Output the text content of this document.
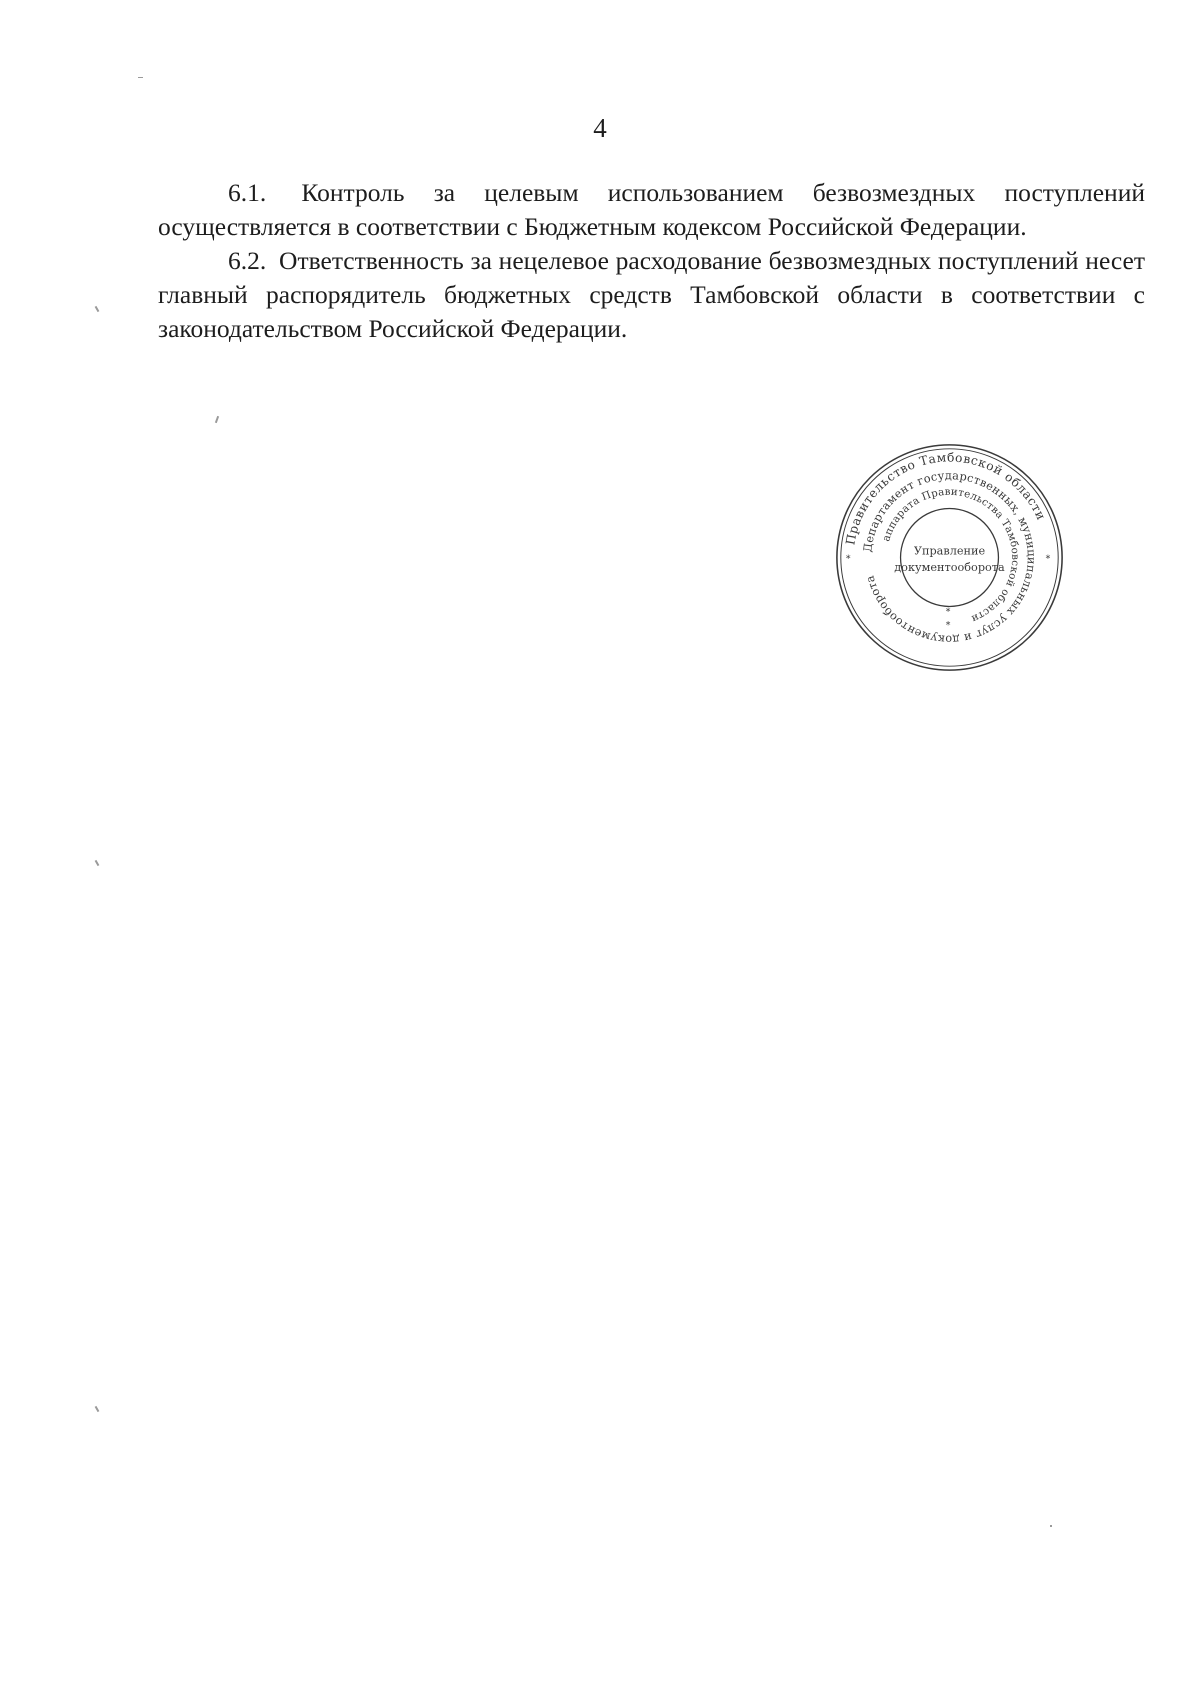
4

6.1. Контроль за целевым использованием безвозмездных поступлений осуществляется в соответствии с Бюджетным кодексом Российской Федерации.

6.2. Ответственность за нецелевое расходование безвозмездных поступлений несет главный распорядитель бюджетных средств Тамбовской области в соответствии с законодательством Российской Федерации.

Правительство Тамбовской области
Департамент государственных, муниципальных услуг и документооборота
аппарата Правительства Тамбовской области
Управление
документооборота
*	*
*
*
